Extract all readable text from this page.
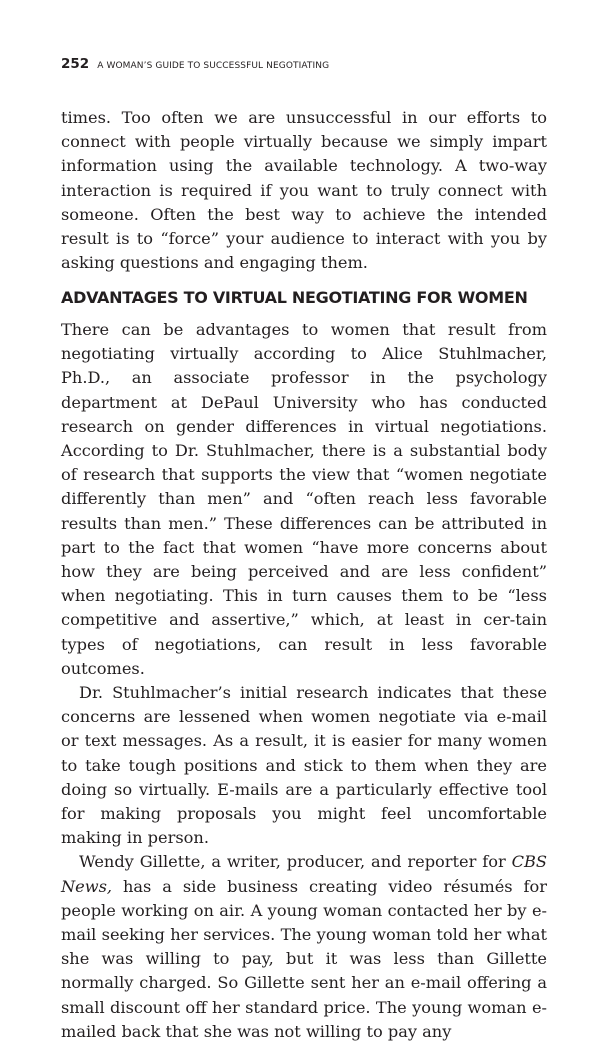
252 A WOMAN’S GUIDE TO SUCCESSFUL NEGOTIATING

times. Too often we are unsuccessful in our efforts to connect with people virtually because we simply impart information using the available technology. A two-way interaction is required if you want to truly connect with someone. Often the best way to achieve the intended result is to “force” your audience to interact with you by asking questions and engaging them.

ADVANTAGES TO VIRTUAL NEGOTIATING FOR WOMEN

There can be advantages to women that result from negotiating virtually according to Alice Stuhlmacher, Ph.D., an associate professor in the psychology department at DePaul University who has conducted research on gender differences in virtual negotiations. According to Dr. Stuhlmacher, there is a substantial body of research that supports the view that “women negotiate differently than men” and “often reach less favorable results than men.” These differences can be attributed in part to the fact that women “have more concerns about how they are being perceived and are less confident” when negotiating. This in turn causes them to be “less competitive and assertive,” which, at least in cer-tain types of negotiations, can result in less favorable outcomes.

Dr. Stuhlmacher’s initial research indicates that these concerns are lessened when women negotiate via e-mail or text messages. As a result, it is easier for many women to take tough positions and stick to them when they are doing so virtually. E-mails are a particularly effective tool for making proposals you might feel uncomfortable making in person.

Wendy Gillette, a writer, producer, and reporter for CBS News, has a side business creating video résumés for people working on air. A young woman contacted her by e-mail seeking her services. The young woman told her what she was willing to pay, but it was less than Gillette normally charged. So Gillette sent her an e-mail offering a small discount off her standard price. The young woman e-mailed back that she was not willing to pay any
